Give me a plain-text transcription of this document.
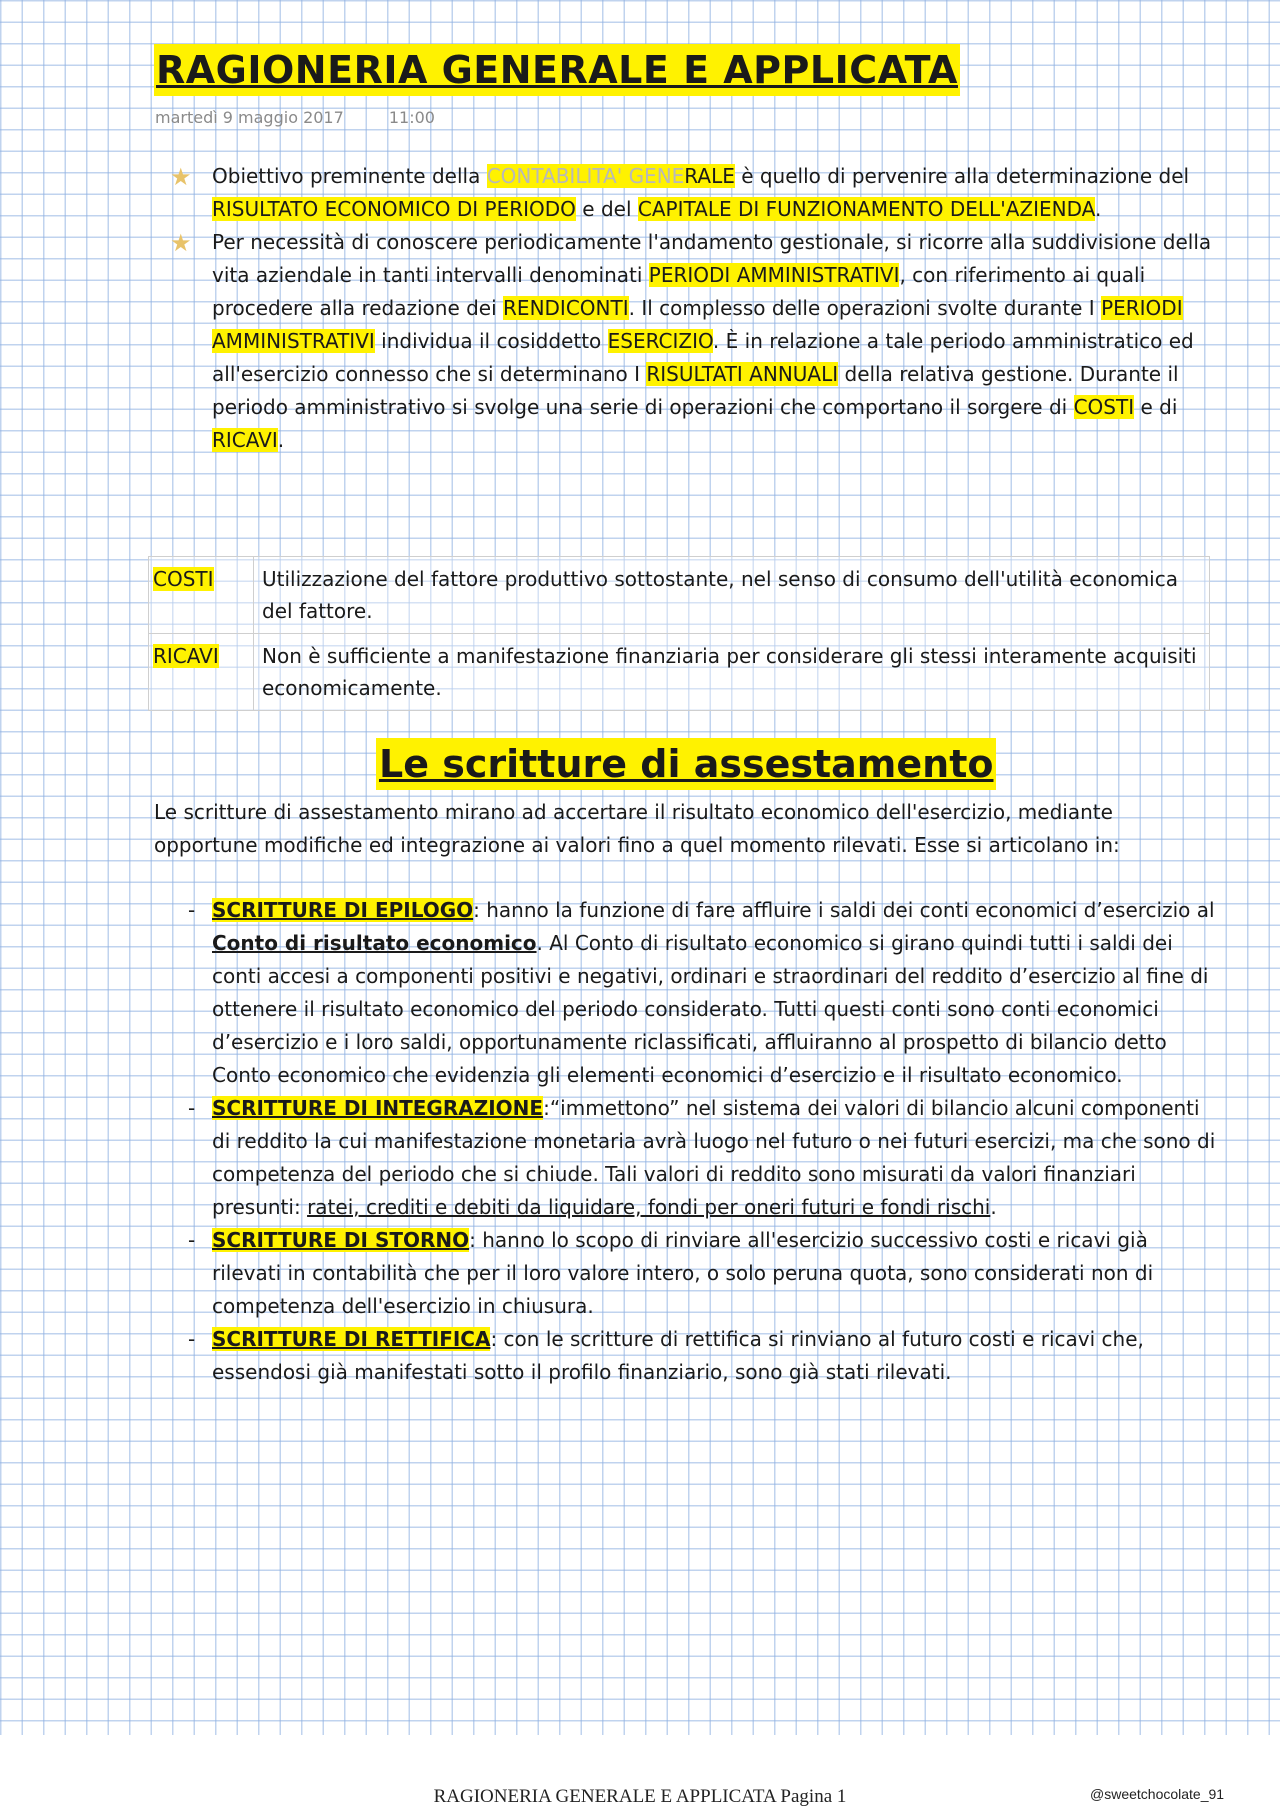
RAGIONERIA GENERALE E APPLICATA
martedì 9 maggio 2017	11:00
★ Obiettivo preminente della CONTABILITA' GENERALE è quello di pervenire alla determinazione del RISULTATO ECONOMICO DI PERIODO e del CAPITALE DI FUNZIONAMENTO DELL'AZIENDA.
★ Per necessità di conoscere periodicamente l'andamento gestionale, si ricorre alla suddivisione della vita aziendale in tanti intervalli denominati PERIODI AMMINISTRATIVI, con riferimento ai quali procedere alla redazione dei RENDICONTI. Il complesso delle operazioni svolte durante I PERIODI AMMINISTRATIVI individua il cosiddetto ESERCIZIO. È in relazione a tale periodo amministratico ed all'esercizio connesso che si determinano I RISULTATI ANNUALI della relativa gestione. Durante il periodo amministrativo si svolge una serie di operazioni che comportano il sorgere di COSTI e di RICAVI.
COSTI	Utilizzazione del fattore produttivo sottostante, nel senso di consumo dell'utilità economica del fattore.
RICAVI	Non è sufficiente a manifestazione finanziaria per considerare gli stessi interamente acquisiti economicamente.
Le scritture di assestamento

Le scritture di assestamento mirano ad accertare il risultato economico dell'esercizio, mediante opportune modifiche ed integrazione ai valori fino a quel momento rilevati. Esse si articolano in:

- SCRITTURE DI EPILOGO: hanno la funzione di fare affluire i saldi dei conti economici d’esercizio al Conto di risultato economico. Al Conto di risultato economico si girano quindi tutti i saldi dei conti accesi a componenti positivi e negativi, ordinari e straordinari del reddito d’esercizio al fine di ottenere il risultato economico del periodo considerato. Tutti questi conti sono conti economici d’esercizio e i loro saldi, opportunamente riclassificati, affluiranno al prospetto di bilancio detto Conto economico che evidenzia gli elementi economici d’esercizio e il risultato economico.
- SCRITTURE DI INTEGRAZIONE:“immettono” nel sistema dei valori di bilancio alcuni componenti di reddito la cui manifestazione monetaria avrà luogo nel futuro o nei futuri esercizi, ma che sono di competenza del periodo che si chiude. Tali valori di reddito sono misurati da valori finanziari presunti: ratei, crediti e debiti da liquidare, fondi per oneri futuri e fondi rischi.
- SCRITTURE DI STORNO: hanno lo scopo di rinviare all'esercizio successivo costi e ricavi già rilevati in contabilità che per il loro valore intero, o solo peruna quota, sono considerati non di competenza dell'esercizio in chiusura.
- SCRITTURE DI RETTIFICA: con le scritture di rettifica si rinviano al futuro costi e ricavi che, essendosi già manifestati sotto il profilo finanziario, sono già stati rilevati.
RAGIONERIA GENERALE E APPLICATA Pagina 1	@sweetchocolate_91
